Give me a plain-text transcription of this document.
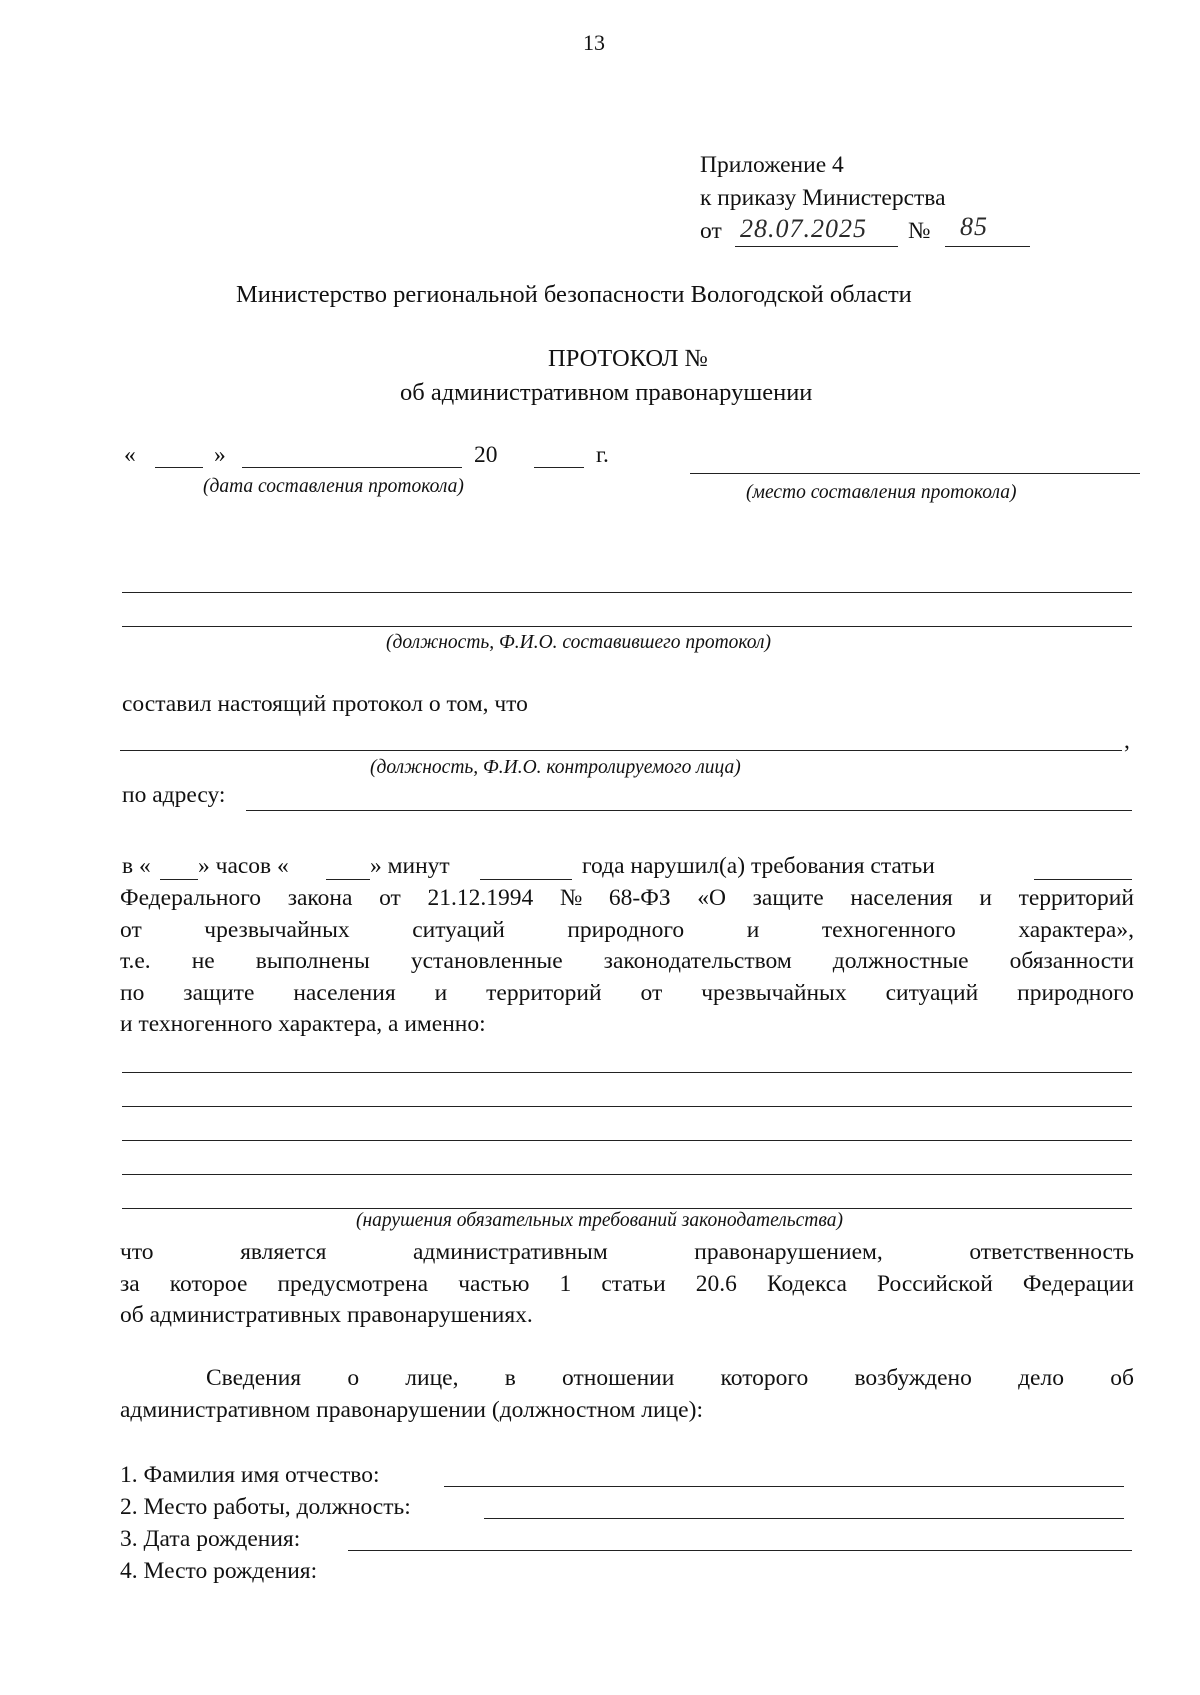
13
Приложение 4
к приказу Министерства
от 28.07.2025 № 85
Министерство региональной безопасности Вологодской области
ПРОТОКОЛ №
об административном правонарушении
«	»	20	г.
(дата составления протокола)	(место составления протокола)
(должность, Ф.И.О. составившего протокол)
составил настоящий протокол о том, что
,
(должность, Ф.И.О. контролируемого лица)
по адресу:
в « » часов «	» минут	года нарушил(а) требования статьи
Федерального закона от 21.12.1994 № 68-ФЗ «О защите населения и территорий
от	чрезвычайных	ситуаций	природного	и	техногенного	характера»,
т.е. не выполнены установленные законодательством должностные обязанности
по защите населения и территорий от чрезвычайных ситуаций природного
и техногенного характера, а именно:
(нарушения обязательных требований законодательства)
что	является	административным	правонарушением,	ответственность
за которое предусмотрена частью 1 статьи 20.6 Кодекса Российской Федерации
об административных правонарушениях.
Сведения о лице, в отношении которого возбуждено дело об
административном правонарушении (должностном лице):
1. Фамилия имя отчество:
2. Место работы, должность:
3. Дата рождения:
4. Место рождения:
